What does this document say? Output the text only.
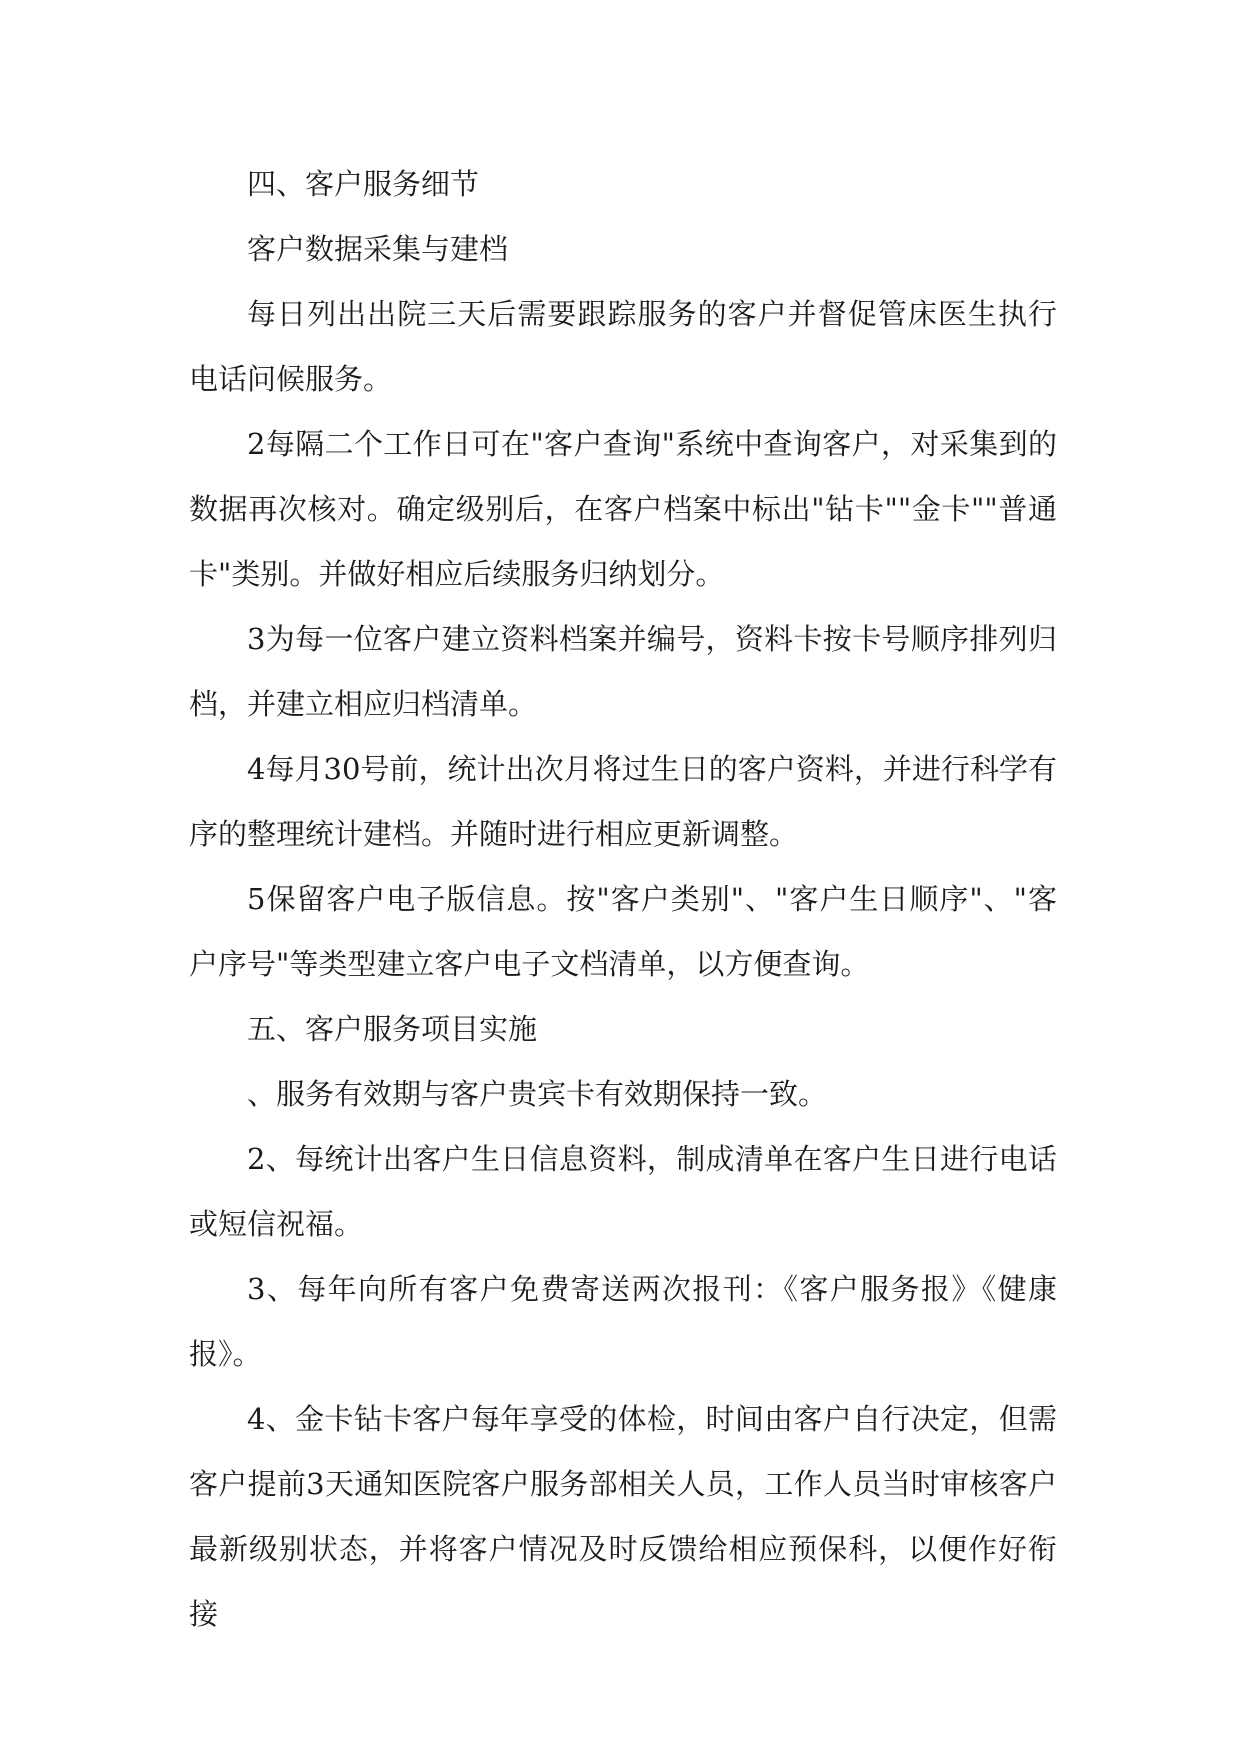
四、客户服务细节

客户数据采集与建档

每日列出出院三天后需要跟踪服务的客户并督促管床医生执行电话问候服务。

2每隔二个工作日可在"客户查询"系统中查询客户，对采集到的数据再次核对。确定级别后，在客户档案中标出"钻卡""金卡""普通卡"类别。并做好相应后续服务归纳划分。

3为每一位客户建立资料档案并编号，资料卡按卡号顺序排列归档，并建立相应归档清单。

4每月30号前，统计出次月将过生日的客户资料，并进行科学有序的整理统计建档。并随时进行相应更新调整。

5保留客户电子版信息。按"客户类别"、"客户生日顺序"、"客户序号"等类型建立客户电子文档清单，以方便查询。

五、客户服务项目实施

、服务有效期与客户贵宾卡有效期保持一致。

2、每统计出客户生日信息资料，制成清单在客户生日进行电话或短信祝福。

3、每年向所有客户免费寄送两次报刊：《客户服务报》《健康报》。

4、金卡钻卡客户每年享受的体检，时间由客户自行决定，但需客户提前3天通知医院客户服务部相关人员，工作人员当时审核客户最新级别状态，并将客户情况及时反馈给相应预保科，以便作好衔接
